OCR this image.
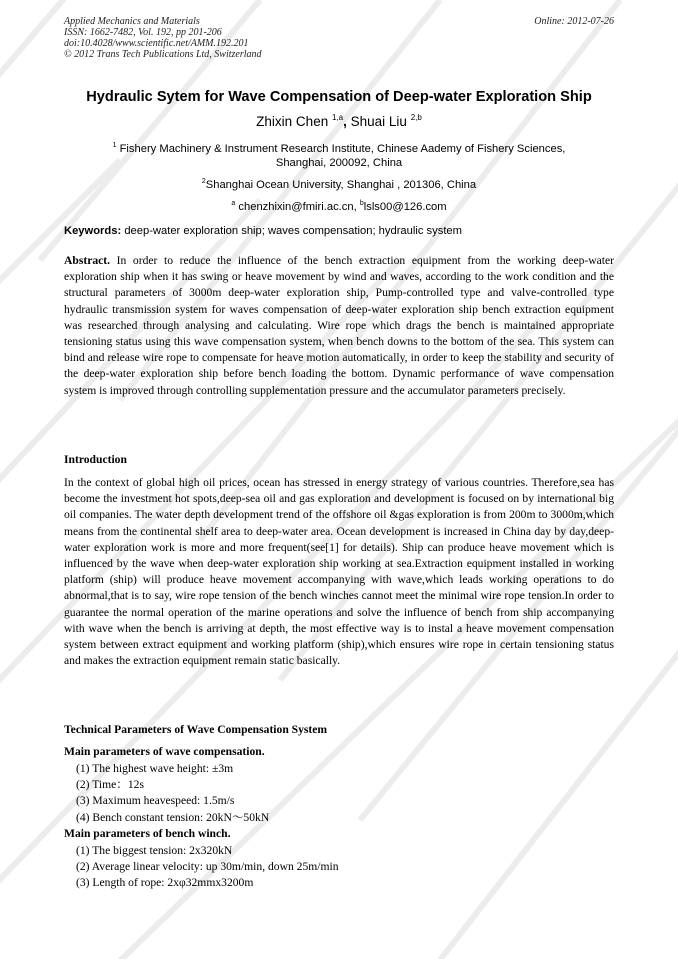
Applied Mechanics and Materials
ISSN: 1662-7482, Vol. 192, pp 201-206
doi:10.4028/www.scientific.net/AMM.192.201
© 2012 Trans Tech Publications Ltd, Switzerland
Online: 2012-07-26
Hydraulic Sytem for Wave Compensation of Deep-water Exploration Ship
Zhixin Chen $^{1,a}$, Shuai Liu $^{2,b}$
$^1$ Fishery Machinery & Instrument Research Institute, Chinese Aademy of Fishery Sciences,
Shanghai, 200092, China
$^2$Shanghai Ocean University, Shanghai , 201306, China
$^a$ chenzhixin@fmiri.ac.cn, $^b$lsls00@126.com
Keywords: deep-water exploration ship; waves compensation; hydraulic system
Abstract. In order to reduce the influence of the bench extraction equipment from the working deep-water exploration ship when it has swing or heave movement by wind and waves, according to the work condition and the structural parameters of 3000m deep-water exploration ship, Pump-controlled type and valve-controlled type hydraulic transmission system for waves compensation of deep-water exploration ship bench extraction equipment was researched through analysing and calculating. Wire rope which drags the bench is maintained appropriate tensioning status using this wave compensation system, when bench downs to the bottom of the sea. This system can bind and release wire rope to compensate for heave motion automatically, in order to keep the stability and security of the deep-water exploration ship before bench loading the bottom. Dynamic performance of wave compensation system is improved through controlling supplementation pressure and the accumulator parameters precisely.
Introduction
In the context of global high oil prices, ocean has stressed in energy strategy of various countries. Therefore,sea has become the investment hot spots,deep-sea oil and gas exploration and development is focused on by international big oil companies. The water depth development trend of the offshore oil &gas exploration is from 200m to 3000m,which means from the continental shelf area to deep-water area. Ocean development is increased in China day by day,deep-water exploration work is more and more frequent(see[1] for details). Ship can produce heave movement which is influenced by the wave when deep-water exploration ship working at sea.Extraction equipment installed in working platform (ship) will produce heave movement accompanying with wave,which leads working operations to do abnormal,that is to say, wire rope tension of the bench winches cannot meet the minimal wire rope tension.In order to guarantee the normal operation of the marine operations and solve the influence of bench from ship accompanying with wave when the bench is arriving at depth, the most effective way is to instal a heave movement compensation system between extract equipment and working platform (ship),which ensures wire rope in certain tensioning status and makes the extraction equipment remain static basically.
Technical Parameters of Wave Compensation System
Main parameters of wave compensation.
(1) The highest wave height: ±3m
(2) Time：12s
(3) Maximum heavespeed: 1.5m/s
(4) Bench constant tension: 20kN～50kN
Main parameters of bench winch.
(1) The biggest tension: 2x320kN
(2) Average linear velocity: up 30m/min, down 25m/min
(3) Length of rope: 2xφ32mmx3200m
